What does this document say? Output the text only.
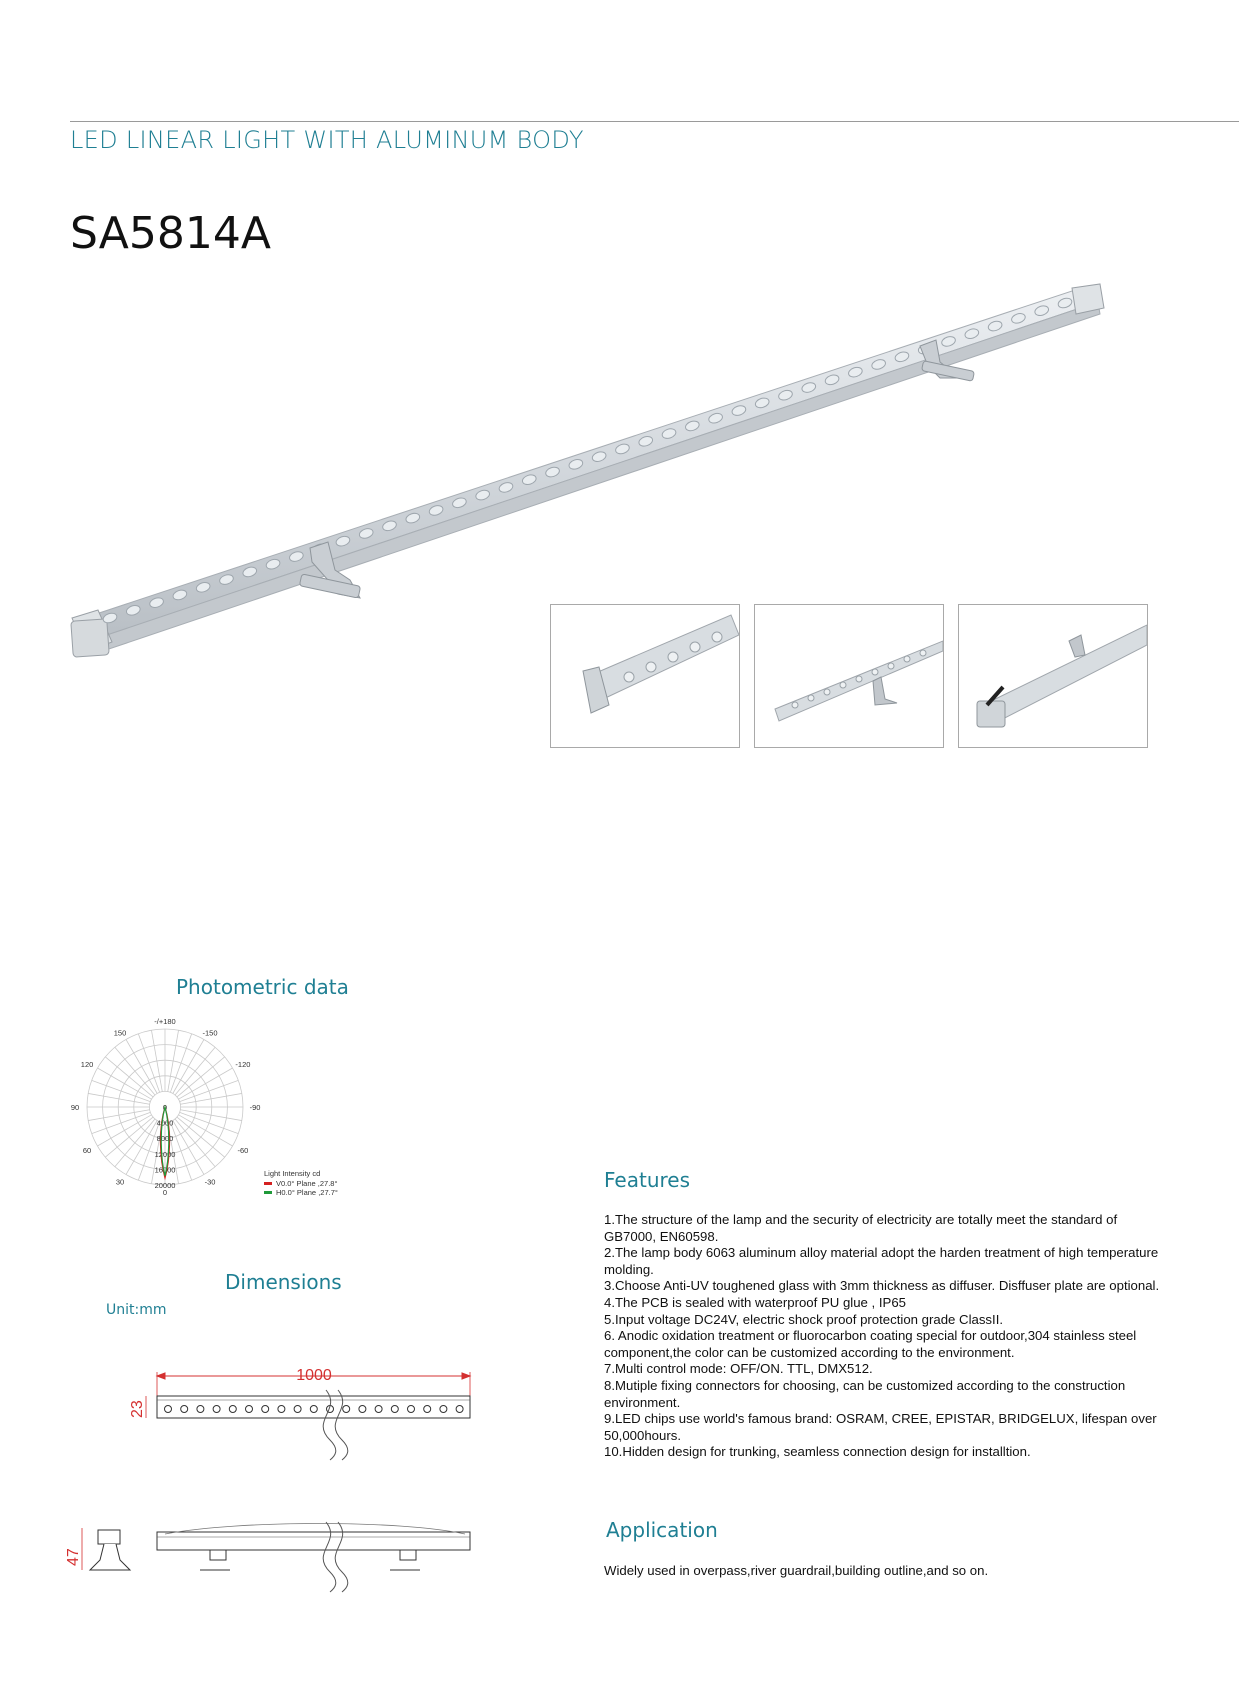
LED LINEAR LIGHT WITH ALUMINUM BODY
SA5814A
Photometric data
-/+180
-150
150
-120
120
-90
90
-60
60
-30
30
0
0
4000
8000
12000
16000
20000
Light Intensity cd
V0.0° Plane ,27.8°
H0.0° Plane ,27.7°
Dimensions
Unit:mm
1000
23
47
Features
1.The structure of the lamp and the security of electricity are totally meet the standard of GB7000, EN60598.
2.The lamp body 6063 aluminum alloy material adopt the harden treatment of high temperature molding.
3.Choose Anti-UV toughened glass with 3mm thickness as diffuser. Disffuser plate are optional.
4.The PCB is sealed with waterproof PU glue , IP65
5.Input voltage DC24V, electric shock proof protection grade ClassII.
6. Anodic oxidation treatment or fluorocarbon coating special for outdoor,304 stainless steel component,the color can be customized according to the environment.
7.Multi control mode: OFF/ON. TTL, DMX512.
8.Mutiple fixing connectors for choosing, can be customized according to the construction environment.
9.LED chips use world's famous brand: OSRAM, CREE, EPISTAR, BRIDGELUX, lifespan over 50,000hours.
10.Hidden design for trunking, seamless connection design for installtion.
Application
Widely used in overpass,river guardrail,building outline,and so on.
